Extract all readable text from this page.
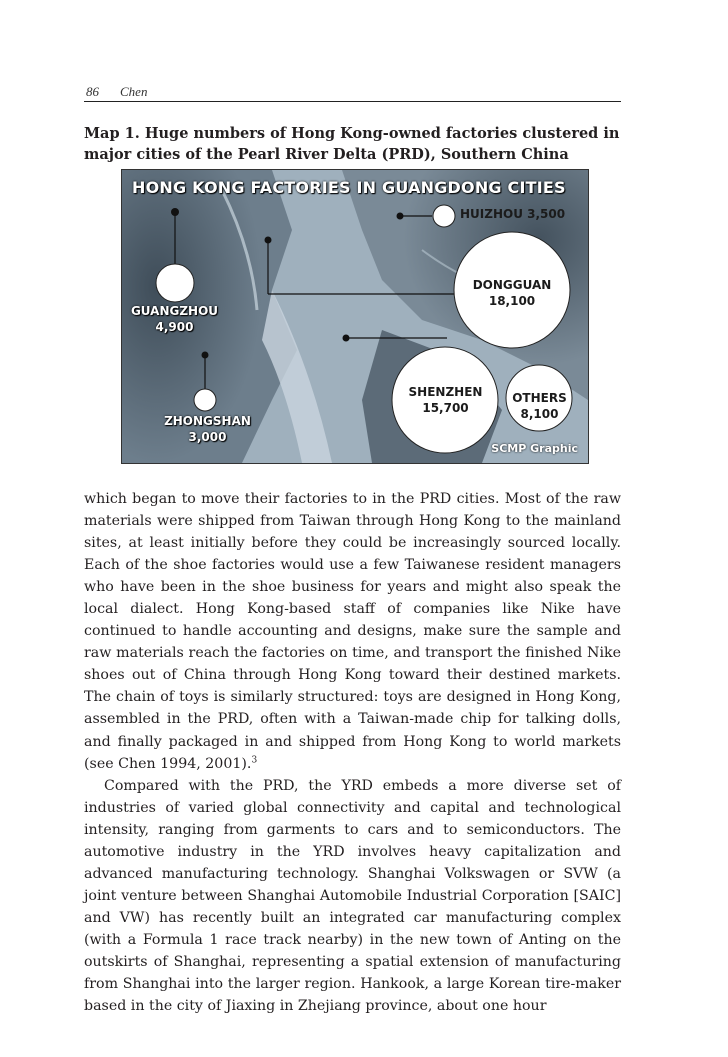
86 Chen
Map 1. Huge numbers of Hong Kong-owned factories clustered in major cities of the Pearl River Delta (PRD), Southern China
HONG KONG FACTORIES IN GUANGDONG CITIES
HUIZHOU 3,500
DONGGUAN
18,100
GUANGZHOU
4,900
SHENZHEN
15,700
OTHERS
8,100
ZHONGSHAN
3,000
SCMP Graphic

which began to move their factories to in the PRD cities. Most of the raw materials were shipped from Taiwan through Hong Kong to the mainland sites, at least initially before they could be increasingly sourced locally. Each of the shoe factories would use a few Taiwanese resident managers who have been in the shoe business for years and might also speak the local dialect. Hong Kong-based staff of companies like Nike have continued to handle accounting and designs, make sure the sample and raw materials reach the factories on time, and transport the finished Nike shoes out of China through Hong Kong toward their destined markets. The chain of toys is similarly structured: toys are designed in Hong Kong, assembled in the PRD, often with a Taiwan-made chip for talking dolls, and finally packaged in and shipped from Hong Kong to world markets (see Chen 1994, 2001).$^3$

Compared with the PRD, the YRD embeds a more diverse set of industries of varied global connectivity and capital and technological intensity, ranging from garments to cars and to semiconductors. The automotive industry in the YRD involves heavy capitalization and advanced manufacturing technology. Shanghai Volkswagen or SVW (a joint venture between Shanghai Automobile Industrial Corporation [SAIC] and VW) has recently built an integrated car manufacturing complex (with a Formula 1 race track nearby) in the new town of Anting on the outskirts of Shanghai, representing a spatial extension of manufacturing from Shanghai into the larger region. Hankook, a large Korean tire-maker based in the city of Jiaxing in Zhejiang province, about one hour
